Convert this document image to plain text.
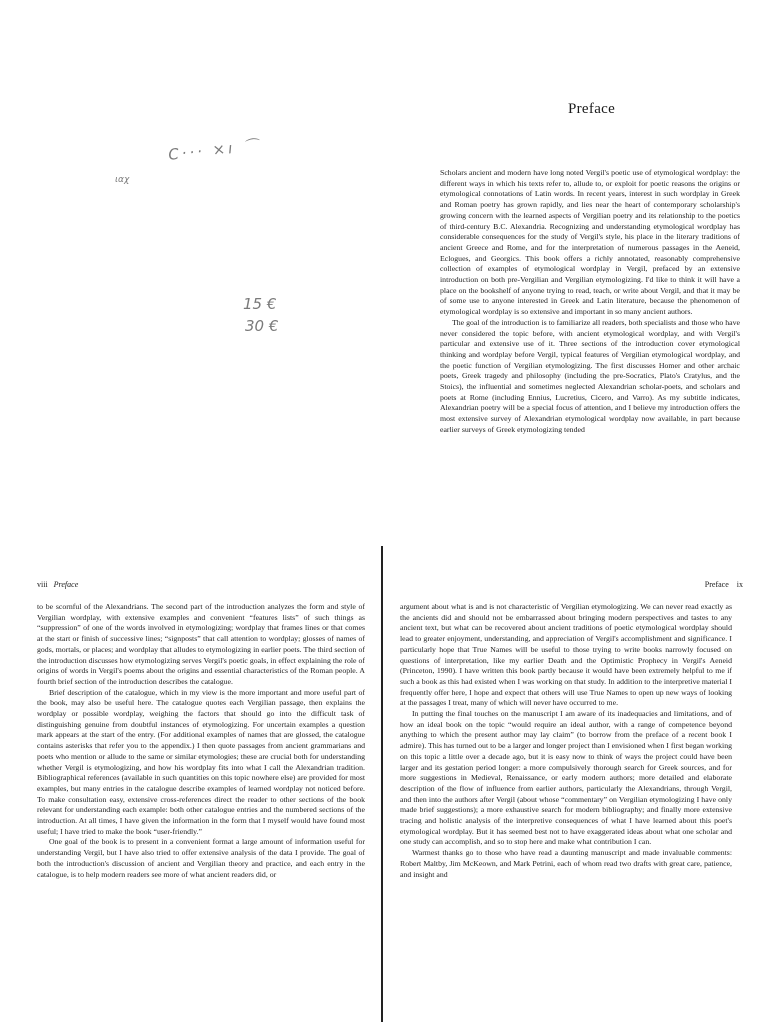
Preface
C··· ×ı ⌒
ιαχ
15 €
30 €

Scholars ancient and modern have long noted Vergil's poetic use of etymological wordplay: the different ways in which his texts refer to, allude to, or exploit for poetic reasons the origins or etymological connotations of Latin words. In recent years, interest in such wordplay in Greek and Roman poetry has grown rapidly, and lies near the heart of contemporary scholarship's growing concern with the learned aspects of Vergilian poetry and its relationship to the poetics of third-century B.C. Alexandria. Recognizing and understanding etymological wordplay has considerable consequences for the study of Vergil's style, his place in the literary traditions of ancient Greece and Rome, and for the interpretation of numerous passages in the Aeneid, Eclogues, and Georgics. This book offers a richly annotated, reasonably comprehensive collection of examples of etymological wordplay in Vergil, prefaced by an extensive introduction on both pre-Vergilian and Vergilian etymologizing. I'd like to think it will have a place on the bookshelf of anyone trying to read, teach, or write about Vergil, and that it may be of some use to anyone interested in Greek and Latin literature, because the phenomenon of etymological wordplay is so extensive and important in so many ancient authors.

The goal of the introduction is to familiarize all readers, both specialists and those who have never considered the topic before, with ancient etymological wordplay, and with Vergil's particular and extensive use of it. Three sections of the introduction cover etymological thinking and wordplay before Vergil, typical features of Vergilian etymological wordplay, and the poetic function of Vergilian etymologizing. The first discusses Homer and other archaic poets, Greek tragedy and philosophy (including the pre-Socratics, Plato's Cratylus, and the Stoics), the influential and sometimes neglected Alexandrian scholar-poets, and scholars and poets at Rome (including Ennius, Lucretius, Cicero, and Varro). As my subtitle indicates, Alexandrian poetry will be a special focus of attention, and I believe my introduction offers the most extensive survey of Alexandrian etymological wordplay now available, in part because earlier surveys of Greek etymologizing tended

viii Preface	Preface ix

to be scornful of the Alexandrians. The second part of the introduction analyzes the form and style of Vergilian wordplay, with extensive examples and convenient “features lists” of such things as “suppression” of one of the words involved in etymologizing; wordplay that frames lines or that comes at the start or finish of successive lines; “signposts” that call attention to wordplay; glosses of names of gods, mortals, or places; and wordplay that alludes to etymologizing in earlier poets. The third section of the introduction discusses how etymologizing serves Vergil's poetic goals, in effect explaining the role of origins of words in Vergil's poems about the origins and essential characteristics of the Roman people. A fourth brief section of the introduction describes the catalogue.

Brief description of the catalogue, which in my view is the more important and more useful part of the book, may also be useful here. The catalogue quotes each Vergilian passage, then explains the wordplay or possible wordplay, weighing the factors that should go into the difficult task of distinguishing genuine from doubtful instances of etymologizing. For uncertain examples a question mark appears at the start of the entry. (For additional examples of names that are glossed, the catalogue contains asterisks that refer you to the appendix.) I then quote passages from ancient grammarians and poets who mention or allude to the same or similar etymologies; these are crucial both for understanding whether Vergil is etymologizing, and how his wordplay fits into what I call the Alexandrian tradition. Bibliographical references (available in such quantities on this topic nowhere else) are provided for most examples, but many entries in the catalogue describe examples of learned wordplay not noticed before. To make consultation easy, extensive cross-references direct the reader to other sections of the book relevant for understanding each example: both other catalogue entries and the numbered sections of the introduction. At all times, I have given the information in the form that I myself would have found most useful; I have tried to make the book “user-friendly.”

One goal of the book is to present in a convenient format a large amount of information useful for understanding Vergil, but I have also tried to offer extensive analysis of the data I provide. The goal of both the introduction's discussion of ancient and Vergilian theory and practice, and each entry in the catalogue, is to help modern readers see more of what ancient readers did, or

argument about what is and is not characteristic of Vergilian etymologizing. We can never read exactly as the ancients did and should not be embarrassed about bringing modern perspectives and tastes to any ancient text, but what can be recovered about ancient traditions of poetic etymological wordplay should lead to greater enjoyment, understanding, and appreciation of Vergil's accomplishment and significance. I particularly hope that True Names will be useful to those trying to write books narrowly focused on questions of interpretation, like my earlier Death and the Optimistic Prophecy in Vergil's Aeneid (Princeton, 1990). I have written this book partly because it would have been extremely helpful to me if such a book as this had existed when I was working on that study. In addition to the interpretive material I frequently offer here, I hope and expect that others will use True Names to open up new ways of looking at the passages I treat, many of which will never have occurred to me.

In putting the final touches on the manuscript I am aware of its inadequacies and limitations, and of how an ideal book on the topic “would require an ideal author, with a range of competence beyond anything to which the present author may lay claim” (to borrow from the preface of a recent book I admire). This has turned out to be a larger and longer project than I envisioned when I first began working on this topic a little over a decade ago, but it is easy now to think of ways the project could have been larger and its gestation period longer: a more compulsively thorough search for Greek sources, and for more suggestions in Medieval, Renaissance, or early modern authors; more detailed and elaborate description of the flow of influence from earlier authors, particularly the Alexandrians, through Vergil, and then into the authors after Vergil (about whose “commentary” on Vergilian etymologizing I have only made brief suggestions); a more exhaustive search for modern bibliography; and finally more extensive tracing and holistic analysis of the interpretive consequences of what I have learned about this poet's etymological wordplay. But it has seemed best not to have exaggerated ideas about what one scholar and one study can accomplish, and so to stop here and make what contribution I can.

Warmest thanks go to those who have read a daunting manuscript and made invaluable comments: Robert Maltby, Jim McKeown, and Mark Petrini, each of whom read two drafts with great care, patience, and insight and
